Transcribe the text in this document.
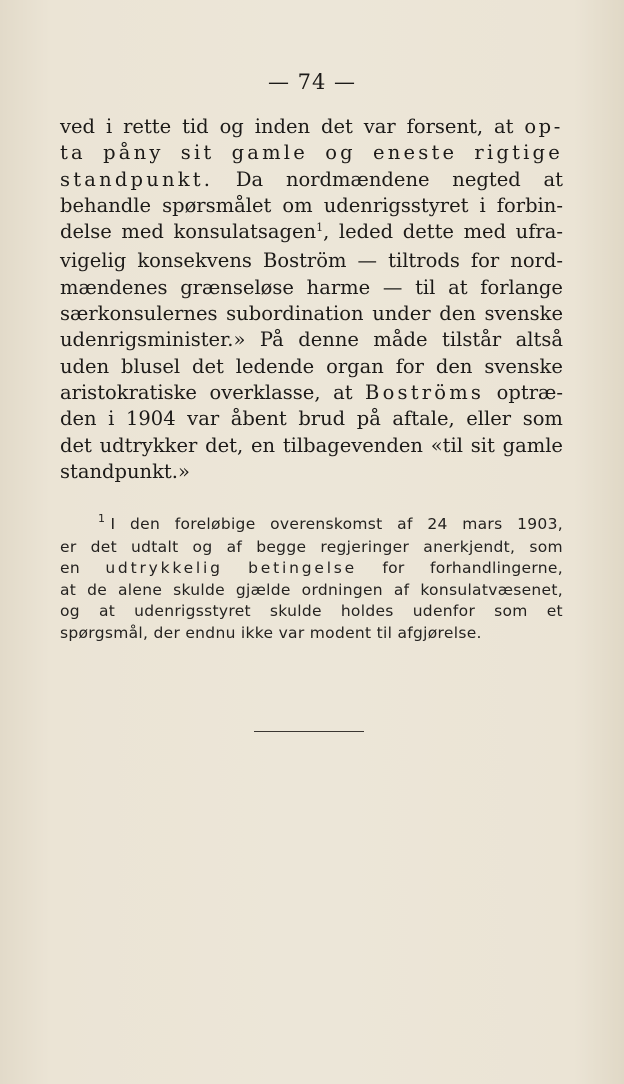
— 74 —
ved i rette tid og inden det var forsent, at op-
ta påny sit gamle og eneste rigtige
standpunkt. Da nordmændene negted at
behandle spørsmålet om udenrigsstyret i forbin-
delse med konsulatsagen$^1$, leded dette med ufra-
vigelig konsekvens Boström — tiltrods for nord-
mændenes grænseløse harme — til at forlange
særkonsulernes subordination under den svenske
udenrigsminister.» På denne måde tilstår altså
uden blusel det ledende organ for den svenske
aristokratiske overklasse, at Boströms optræ-
den i 1904 var åbent brud på aftale, eller som
det udtrykker det, en tilbagevenden «til sit gamle
standpunkt.»
$^1$ I den foreløbige overenskomst af 24 mars 1903,
er det udtalt og af begge regjeringer anerkjendt, som
en udtrykkelig betingelse for forhandlingerne,
at de alene skulde gjælde ordningen af konsulatvæsenet,
og at udenrigsstyret skulde holdes udenfor som et
spørgsmål, der endnu ikke var modent til afgjørelse.
